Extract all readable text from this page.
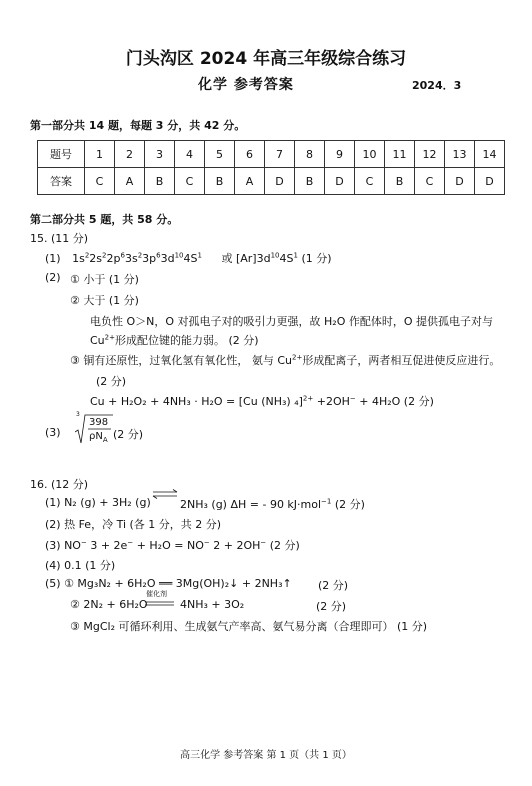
门头沟区 2024 年高三年级综合练习
化学 参考答案	2024．3
第一部分共 14 题，每题 3 分，共 42 分。
题号	1	2	3	4	5	6	7	8	9	10	11	12	13	14
答案	C	A	B	C	B	A	D	B	D	C	B	C	D	D
第二部分共 5 题，共 58 分。
15. (11 分)
(1) $1s^22s^22p^63s^23p^63d^{10}4S^1$ 或 $[Ar]3d^{10}4S^1$ (1 分)
(2) ① 小于 (1 分)
② 大于 (1 分)
电负性 O＞N，O 对孤电子对的吸引力更强，故 H₂O 作配体时，O 提供孤电子对与
$Cu^{2+}$形成配位键的能力弱。 (2 分)
③ 铜有还原性，过氧化氢有氧化性， 氨与 $Cu^{2+}$形成配离子，两者相互促进使反应进行。
(2 分)
Cu + H₂O₂ + 4NH₃ · H₂O = [Cu (NH₃) ₄]$^{2+}$ +2OH− + 4H₂O (2 分)
(3)
3
398
$\rho N_A$ (2 分)
16. (12 分)
(1) N₂ (g) + 3H₂ (g)	2NH₃ (g) ΔH = - 90 kJ·mol$^{-1}$ (2 分)
(2) 热 Fe，冷 Ti (各 1 分，共 2 分)
(3) NO− 3 + 2e− + H₂O = NO− 2 + 2OH− (2 分)
(4) 0.1 (1 分)
(5) ① Mg₃N₂ + 6H₂O ══ 3Mg(OH)₂↓ + 2NH₃↑ (2 分)
② 2N₂ + 6H₂O
催化剂
4NH₃ + 3O₂	(2 分)
③ MgCl₂ 可循环利用、生成氨气产率高、氨气易分离（合理即可） (1 分)
高三化学 参考答案 第 1 页（共 1 页）
